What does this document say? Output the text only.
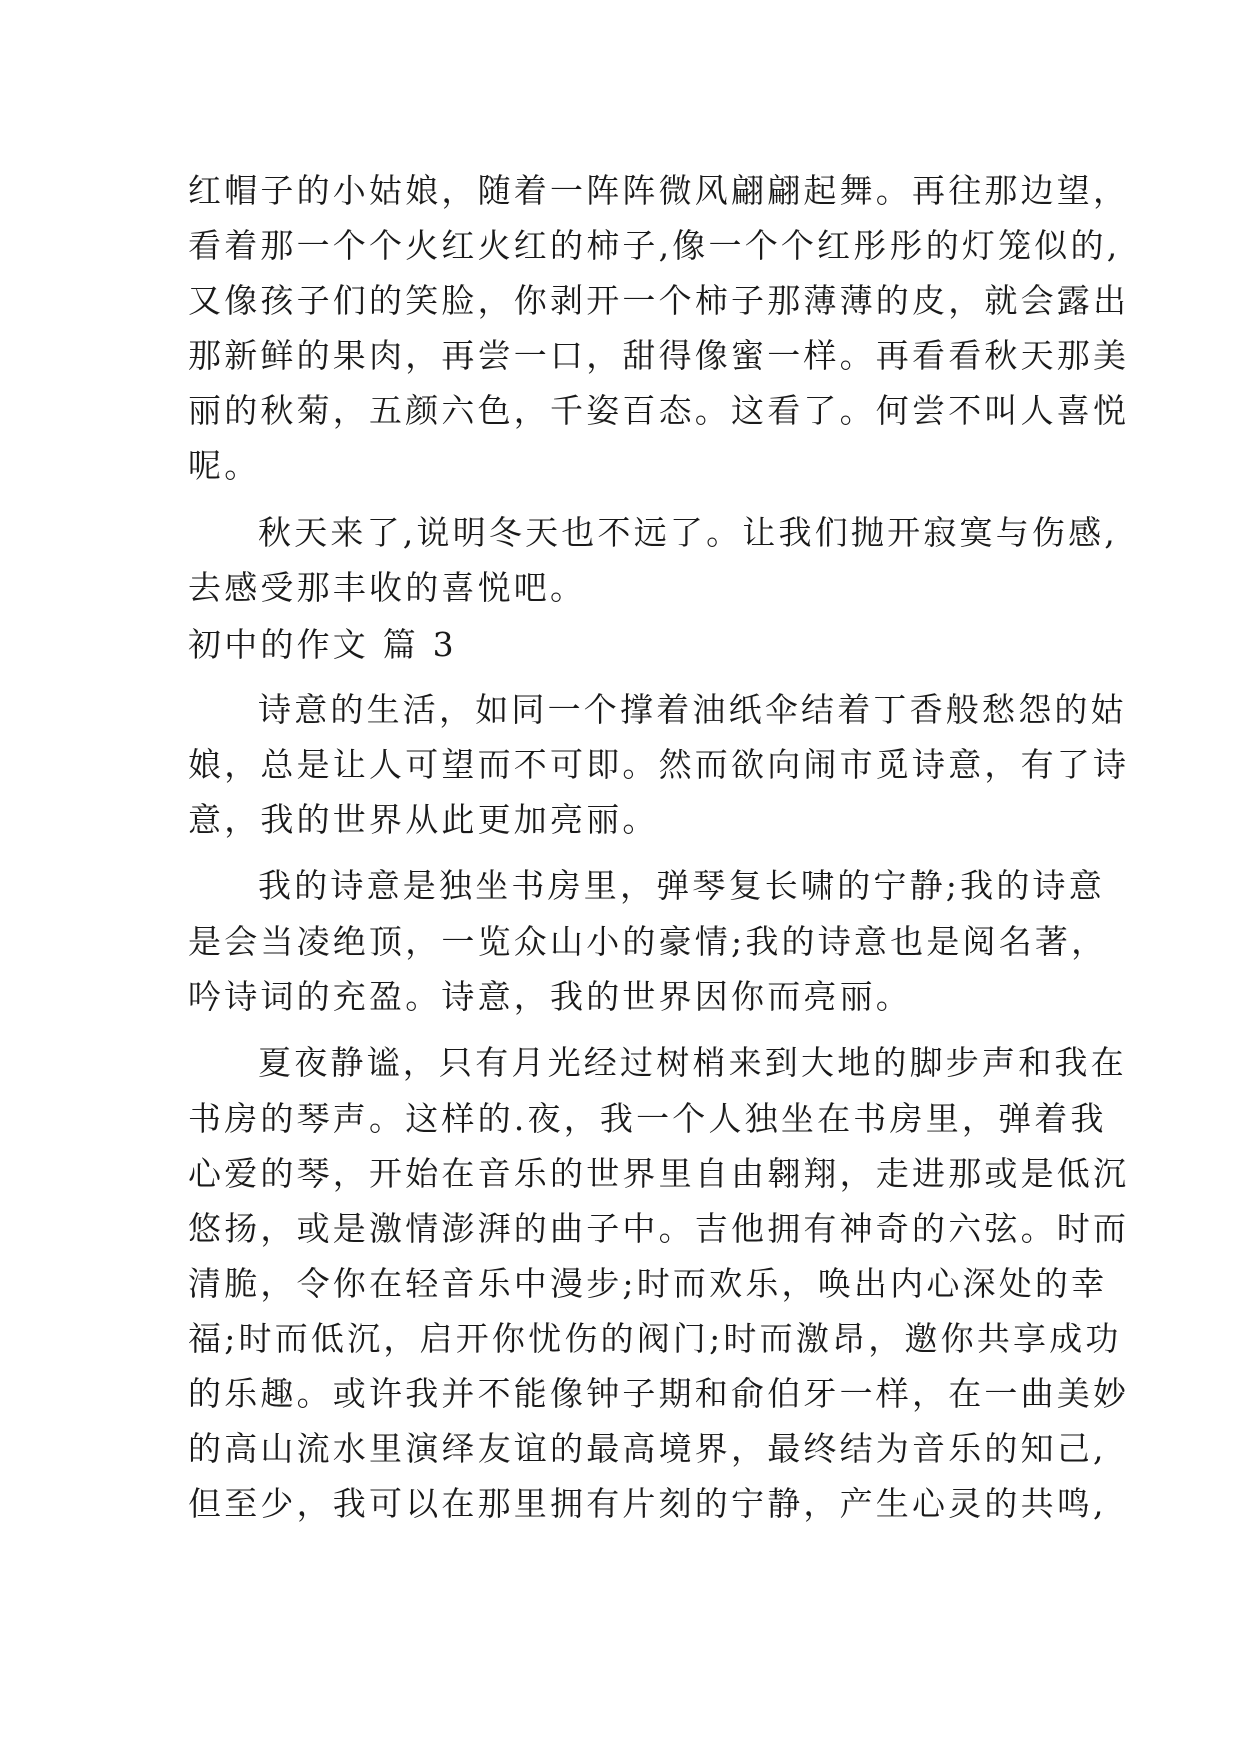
红帽子的小姑娘，随着一阵阵微风翩翩起舞。再往那边望，
看着那一个个火红火红的柿子,像一个个红彤彤的灯笼似的,
又像孩子们的笑脸，你剥开一个柿子那薄薄的皮，就会露出
那新鲜的果肉，再尝一口，甜得像蜜一样。再看看秋天那美
丽的秋菊，五颜六色，千姿百态。这看了。何尝不叫人喜悦
呢。
秋天来了,说明冬天也不远了。让我们抛开寂寞与伤感,
去感受那丰收的喜悦吧。
初中的作文 篇 3
诗意的生活，如同一个撑着油纸伞结着丁香般愁怨的姑
娘，总是让人可望而不可即。然而欲向闹市觅诗意，有了诗
意，我的世界从此更加亮丽。
我的诗意是独坐书房里，弹琴复长啸的宁静;我的诗意
是会当凌绝顶，一览众山小的豪情;我的诗意也是阅名著，
吟诗词的充盈。诗意，我的世界因你而亮丽。
夏夜静谧，只有月光经过树梢来到大地的脚步声和我在
书房的琴声。这样的.夜，我一个人独坐在书房里，弹着我
心爱的琴，开始在音乐的世界里自由翱翔，走进那或是低沉
悠扬，或是激情澎湃的曲子中。吉他拥有神奇的六弦。时而
清脆，令你在轻音乐中漫步;时而欢乐，唤出内心深处的幸
福;时而低沉，启开你忧伤的阀门;时而激昂，邀你共享成功
的乐趣。或许我并不能像钟子期和俞伯牙一样，在一曲美妙
的高山流水里演绎友谊的最高境界，最终结为音乐的知己,
但至少，我可以在那里拥有片刻的宁静，产生心灵的共鸣,
